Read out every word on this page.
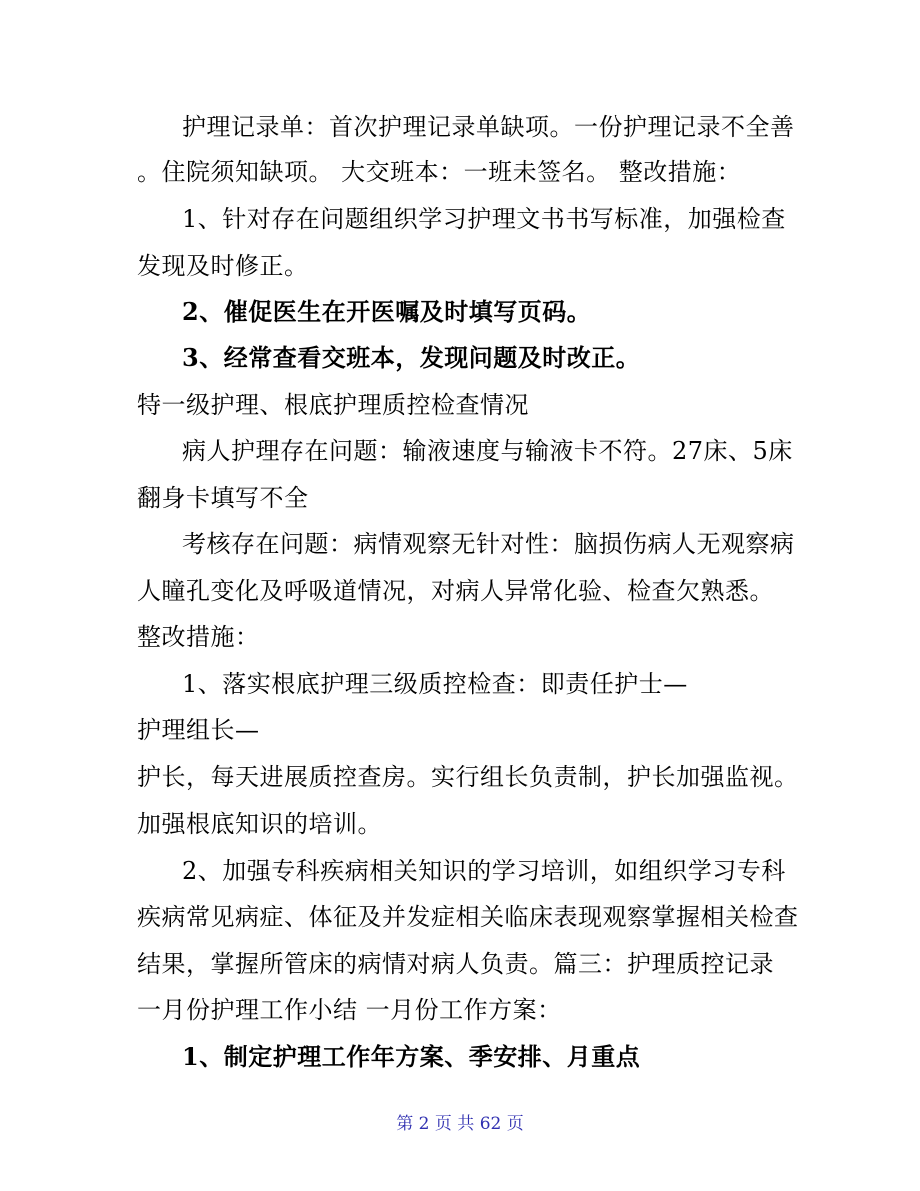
护理记录单：首次护理记录单缺项。一份护理记录不全善
。住院须知缺项。 大交班本：一班未签名。 整改措施：
1、针对存在问题组织学习护理文书书写标准，加强检查
发现及时修正。
2、催促医生在开医嘱及时填写页码。
3、经常查看交班本，发现问题及时改正。
特一级护理、根底护理质控检查情况
病人护理存在问题：输液速度与输液卡不符。27床、5床
翻身卡填写不全
考核存在问题：病情观察无针对性：脑损伤病人无观察病
人瞳孔变化及呼吸道情况，对病人异常化验、检查欠熟悉。
整改措施：
1、落实根底护理三级质控检查：即责任护士—
护理组长—
护长，每天进展质控查房。实行组长负责制，护长加强监视。
加强根底知识的培训。
2、加强专科疾病相关知识的学习培训，如组织学习专科
疾病常见病症、体征及并发症相关临床表现观察掌握相关检查
结果，掌握所管床的病情对病人负责。篇三：护理质控记录
一月份护理工作小结 一月份工作方案：
1、制定护理工作年方案、季安排、月重点
第 2 页 共 62 页
